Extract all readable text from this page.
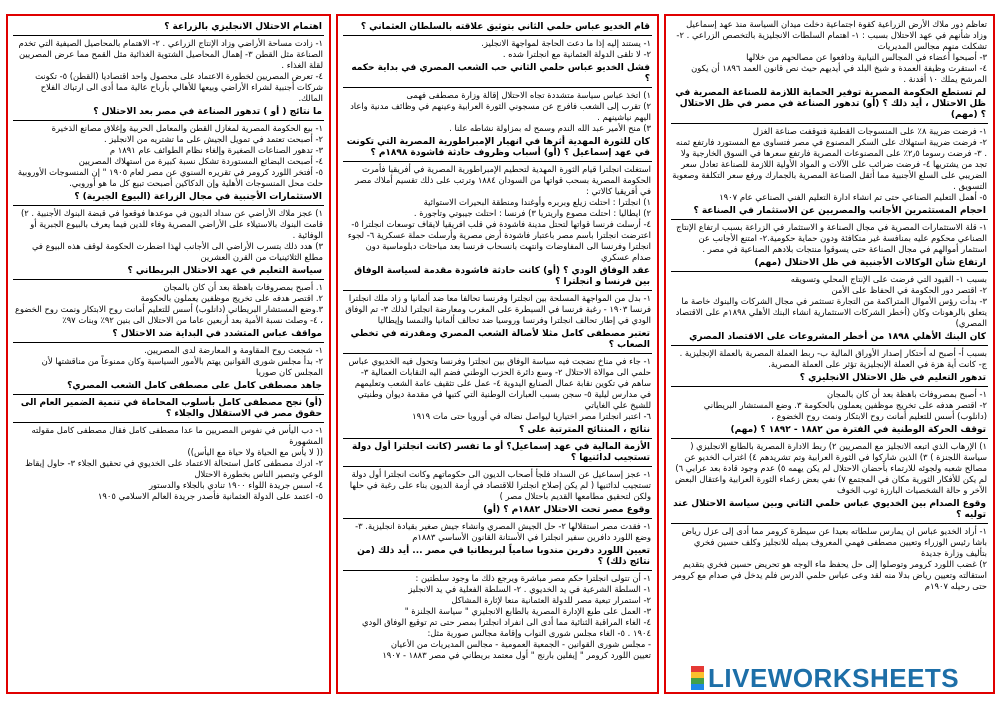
تعاظم دور ملاك الأرض الزراعية كقوة اجتماعية دخلت ميدان السياسة منذ عهد إسماعيل وزاد شأنهم في عهد الاحتلال بسبب : ١- اهتمام السلطات الانجليزية بالتخصص الزراعي . ٢- تشكلت منهم مجالس المديريات
٣- أصبحوا أعضاء في المجالس النيابية ودافعوا عن مصالحهم من خلالها
٤- استقرت وظيفة العمدة و شيخ البلد في أيديهم حيث نص قانون العمد ١٨٩٦ أن يكون المرشح يملك ١٠ أفدنة .
لم تستطع الحكومة المصرية توفير الحماية اللازمة للصناعة المصرية في ظل الاحتلال ، أيد ذلك ؟ (أو) تدهور الصناعة في مصر في ظل الاحتلال ؟ (مهم)
١- فرضت ضريبة ٨٪ على المنسوجات القطنية فتوقفت صناعة الغزل
٢- فرضت ضريبة استهلاك على السكر المصنوع في مصر فتساوى مع المستورد فارتفع ثمنه . ٣- فرضت رسوما ٢٫٥٪ على المصنوعات المصرية فارتفع سعرها في السوق الخارجية ولا تجد من يشتريها ٤- فرضت ضرائب على الآلات و المواد الأولية اللازمة للصناعة تعادل سعر الضريبي على السلع الأجنبية مما أثقل الصناعة المصرية بالجمارك ورفع سعر التكلفة وصعوبة التسويق .
٥- أهمل التعليم الصناعي حتى تم انشاء ادارة التعليم الفني الصناعي عام ١٩٠٧
احجام المستثمرين الأجانب والمصريين عن الاستثمار في الصناعة ؟
١- قلة الاستثمارات المصرية في مجال الصناعة و الاستثمار في الزراعة بسبب ارتفاع الإنتاج الصناعي محكوم عليه بمنافسة غير متكافئة ودون حماية حكومية.٢- امتنع الأجانب عن استثمار أموالهم في مجال الصناعة حتى يسوقوا منتجات بلادهم الصناعية في مصر .
ارتفاع شأن الوكالات الأجنبية في ظل الاحتلال (مهم)
بسبب ١- القيود التي فرضت على الإنتاج المحلي وتسويقه
٢- اقتصر دور الحكومة في الحفاظ على الأمن
٣- بدأت رؤس الأموال المتراكمة من التجارة تستثمر في مجال الشركات والبنوك خاصة ما يتعلق بالرهونات وكان (أخطر الشركات الاستثمارية انشاء البنك الأهلي ١٨٩٨م على الاقتصاد المصري)
كان البنك الأهلي ١٨٩٨ من أخطر المشروعات على الاقتصاد المصري
بسبب أ- أصبح له أحتكار إصدار الأوراق المالية ب- ربط العملة المصرية بالعملة الإنجليزية . ج- كانت أية هزة في العملة الإنجليزية تؤثر على العملة المصرية.
تدهور التعليم في ظل الاحتلال الانجليزي ؟
١- أصبح بمصروفات باهظة بعد أن كان بالمجان
٢- اقتصر هدفه على تخريج موظفين يعملون بالحكومة ٣. وضع المستشار البريطاني (دانلوب) أسس للتعليم أمانت روح الابتكار ونمت روح الخضوع ،
توقف الحركة الوطنية في الفترة من ١٨٨٢ - ١٨٩٢ ؟ (مهم)
١) الإرهاب الذي اتبعه الانجليز مع المصريين ٢) ربط الادارة المصرية بالطابع الانجليزي ( سياسة اللجنزة ) ٣) الذين شاركوا في الثورة العرابية وتم تشريدهم ٤) اغتراب الخديو عن مصالح شعبه ولجوئه للارتماء بأحضان الاحتلال لم يكن يهمه ٥) عدم وجود قادة بعد عرابي ٦) لم يكن للأفكار الثورية مكان في المجتمع ٧) نفي بعض زعماء الثورة العرابية واعتقال البعض الآخر و حالة الشخصيات البارزة ثوب الخوف
وقوع الصدام بين الخديوي عباس حلمي الثاني وبين سياسة الاحتلال عند توليه ؟
١- أراد الخديو عباس ان يمارس سلطاته بعيدا عن سيطرة كرومر مما أدى إلى عزل رياض باشا رئيس الوزراء وتعيين مصطفى فهمي المعروف بميله للانجليز وكلف حسين فخري بتأليف وزارة جديدة
٢) غضب اللورد كرومر وتوصلوا إلى حل يحفظ ماء الوجه هو تحريض حسين فخري بتقديم استقالته وتعيين رياض بدلا منه لقد وعى عباس حلمي الدرس فلم يدخل في صدام مع كرومر حتى رحيله ١٩٠٧م
قام الخديو عباس حلمي الثاني بتوثيق علاقته بالسلطان العثماني ؟
١- يستند إليه إذا ما دعت الحاجة لمواجهة الانجليز.
٢- لا تلقى الدولة العثمانية مع انجلترا شده .
فشل الخديو عباس حلمي الثاني حب الشعب المصري في بداية حكمه ؟
١) اتخذ عباس سياسة متشددة تجاه الاحتلال إقالة وزارة مصطفى فهمى
٢) تقرب إلى الشعب فافرج عن مسجوني الثورة العرابية وعينهم في وظائف مدنية واعاد اليهم نياشينهم .
٣) منح الأمير عبد الله الندم وسمح له بمزاولة نشاطه علنا .
كان للثورة المهدية أثرها في انهيار الإمبراطورية المصرية التي تكونت في عهد إسماعيل ؟ (أو) أسباب وظروف حادثة فاشودة ١٨٩٨م ؟
استغلت انجلترا قيام الثورة المهدية لتحطيم الإمبراطورية المصرية في أفريقيا فأمرت الحكومة المصرية بسحب قواتها من السودان ١٨٨٤ وترتب على ذلك تقسيم أملاك مصر في أفريقيا كالاتي :
١) انجلترا : احتلت زيلع وبربره وأوغندا ومنطقة البحيرات الاستوائية
٢) ايطاليا : احتلت مصوع واريتريا ٣) فرنسا : احتلت جيبوتي وتاجورة .
٤- أرسلت فرنسا قواتها لتحتل مدينة فاشودة في قلب افريقيا لايقاف توسعات انجلترا ٥- اعترضت انجلترا باسم مصر باعتبار فاشودة أرض مصرية وأرسلت حملة عسكرية ٦- لجوء انجلترا وفرنسا الى المفاوضات وانتهت بانسحاب فرنسا بعد مباحثات دبلوماسية دون صدام عسكري
عقد الوفاق الودي ؟ (أو) كانت حادثة فاشودة مقدمة لسياسة الوفاق بين فرنسا و انجلترا ؟
١- بدل من المواجهة المسلحة بين انجلترا وفرنسا تحالفا معا ضد ألمانيا و زاد ملك انجلترا فرنسا ١٩٠٣ - رغبة فرنسا في السيطرة على المغرب ومعارضة انجلترا لذلك ٣- تم الوفاق الودي في إطار تحالف انجلترا وفرنسا وروسيا ضد تحالف ألمانيا والنمسا وإيطاليا
تعتبر مصطفى كامل مثلا لأصالة الشعب المصري ومقدرته في تخطي الصعاب ؟
١- جاء في مناخ نضجت فيه سياسة الوفاق بين انجلترا وفرنسا وتحول فيه الخديوي عباس حلمي الى موالاة الاحتلال ٢- وسع دائرة الحزب الوطني فضم اليه النقابات العمالية ٣- ساهم في تكوين نقابة عمال الصنايع اليدوية ٤- عمل على تثقيف عامة الشعب وتعليمهم في مدارس ليلية ٥- سجن بسبب العبارات الوطنية التي كتبها في مقدمة ديوان وطنيتي للشيخ علي الغاياتي
٦- اعتبر انجلترا مصر اختياريا ليواصل نضاله في أوروبا حتى مات ١٩١٩
نتائج ، المنتائج المترتبة على ؟
الأزمة المالية في عهد إسماعيل؟ أو ما تفسر (كانت انجلترا أول دولة تستجيب لدائنيها ؟
١- عجز إسماعيل عن السداد فلجأ أصحاب الديون الى حكوماتهم وكانت انجلترا أول دولة تستجيب لدائنيها ( لم يكن إصلاح انجلترا للاقتصاد في أزمة الديون بناء على رغبة في حلها ولكن لتحقيق مطامعها القديم باحتلال مصر )
وقوع مصر تحت الاحتلال ١٨٨٢م ؟ (أو)
١- فقدت مصر استقلالها ٢- حل الجيش المصري وانشاء جيش صغير بقيادة انجليزية. ٣- وضع اللورد دافرين سفير انجلترا في الأستانة القانون الأساسي ١٨٨٣م
تعيين اللورد دفرين مندوبا سامياً لبريطانيا في مصر ... أيد ذلك (من نتائج ذلك) ؟
١- أن تتولى انجلترا حكم مصر مباشرة ويرجع ذلك ما وجود سلطتين :
١- السلطة الشرعية في يد الخديوي . ٢- السلطة الفعلية في يد الانجليز
٢- استمرار تبعية مصر للدولة العثمانية منعا لإثارة المشاكل
٣- العمل على طبع الإدارة المصرية بالطابع الانجليزي " سياسة الجلنزة "
٤- الغاء المراقبة الثنائية مما أدى الى انفراد انجلترا بمصر حتى تم توقيع الوفاق الودي ١٩٠٤ . ٥- الغاء مجلس شورى النواب وإقامة مجالس صورية مثل:
- مجلس شورى القوانين - الجمعية العمومية - مجالس المديريات من الأعيان
تعيين اللورد كرومر " إيفلين بارنج " أول معتمد بريطاني في مصر ١٨٨٣ - ١٩٠٧
اهتمام الاحتلال الانجليزي بالزراعة ؟
١- زادت مساحة الأراضي وزاد الإنتاج الزراعي . ٢- الاهتمام بالمحاصيل الصيفية التي تخدم الصناعة مثل القطن ٣- إهمال المحاصيل الشتوية الغذائية مثل القمح مما عرض المصريين لقلة الغذاء .
٤- تعرض المصريين لخطورة الاعتماد على محصول واحد اقتصاديا (القطن) ٥- تكونت شركات أجنبية لشراء الأراضي وبيعها للأهالي بأرباح عالية مما أدى الى ارتباك الفلاح المالك.
ما نتائج ( أو ) تدهور الصناعة في مصر بعد الاحتلال ؟
١- بيع الحكومة المصرية لمغازل القطن والمعامل الحربية وإغلاق مصانع الذخيرة
٢- أصبحت تعتمد في تمويل الجيش على ما تشتريه من الانجليز .
٣- تدهور الصناعات الصغيرة وإلغاء نظام الطوائف عام ١٨٩١ م
٤- أصبحت البضائع المستوردة تشكل نسبة كبيرة من استهلاك المصريين
٥- أفتخر اللورد كرومر في تقريره السنوي عن مصر لعام ١٩٠٥ " إن المنسوجات الأوروبية حلت محل المنسوجات الأهلية وإن الدكاكين أصبحت تبيع كل ما هو أوروبي.
الاستثمارات الأجنبية في مجال الزراعة (البيوع الجبرية) ؟
١) عجز ملاك الأراضي عن سداد الديون في موعدها فوقعوا في قبضة البنوك الأجنبية . ٢) قامت البنوك بالاستيلاء على الأراضي المصرية وفاء للدين فيما يعرف بالبيوع الجبرية أو الوفائية .
٣) هدد ذلك بتسرب الأراضي الى الأجانب لهذا اضطرت الحكومة لوقف هذه البيوع في مطلع الثلاثينيات من القرن العشرين
سياسة التعليم في عهد الاحتلال البريطاني ؟
١. أصبح بمصروفات باهظة بعد أن كان بالمجان
٢. اقتصر هدفه على تخريج موظفين يعملون بالحكومة
٣.وضع المستشار البريطاني (دانلوب) أسس للتعليم أمانت روح الابتكار ونمت روح الخضوع ، ٤- وصلت نسبة الأمية بعد أربعين عاما من الاحتلال الى بنين ٩٢٪ وبنات ٩٧٪
مواقف عباس المتشدد في البداية ضد الاحتلال ؟
١- شجعت روح المقاومة و المعارضة لدى المصريين.
٢- بدأ مجلس شورى القوانين يهتم بالأمور السياسية وكان ممنوعاً من مناقشتها لأن المجلس كان صوريا
جاهد مصطفى كامل على مصطفى كامل الشعب المصري؟
(أو) نجح مصطفى كامل بأسلوب المحاماة في تنمية الضمير العام الى حقوق مصر في الاستقلال والجلاء ؟
١- دب اليأس في نفوس المصريين ما عدا مصطفى كامل فقال مصطفى كامل مقولته المشهورة
(( لا يأس مع الحياة ولا حياة مع اليأس))
٢- ادرك مصطفى كامل استحالة الاعتماد على الخديوي في تحقيق الجلاء ٣- حاول إيقاظ الوعي وتبصير الناس بخطورة الاحتلال
٤- اسس جريدة اللواء ١٩٠٠ تنادي بالجلاء والدستور
٥- اعتمد على الدولة العثمانية فأصدر جريدة العالم الاسلامي ١٩٠٥
LIVEWORKSHEETS
